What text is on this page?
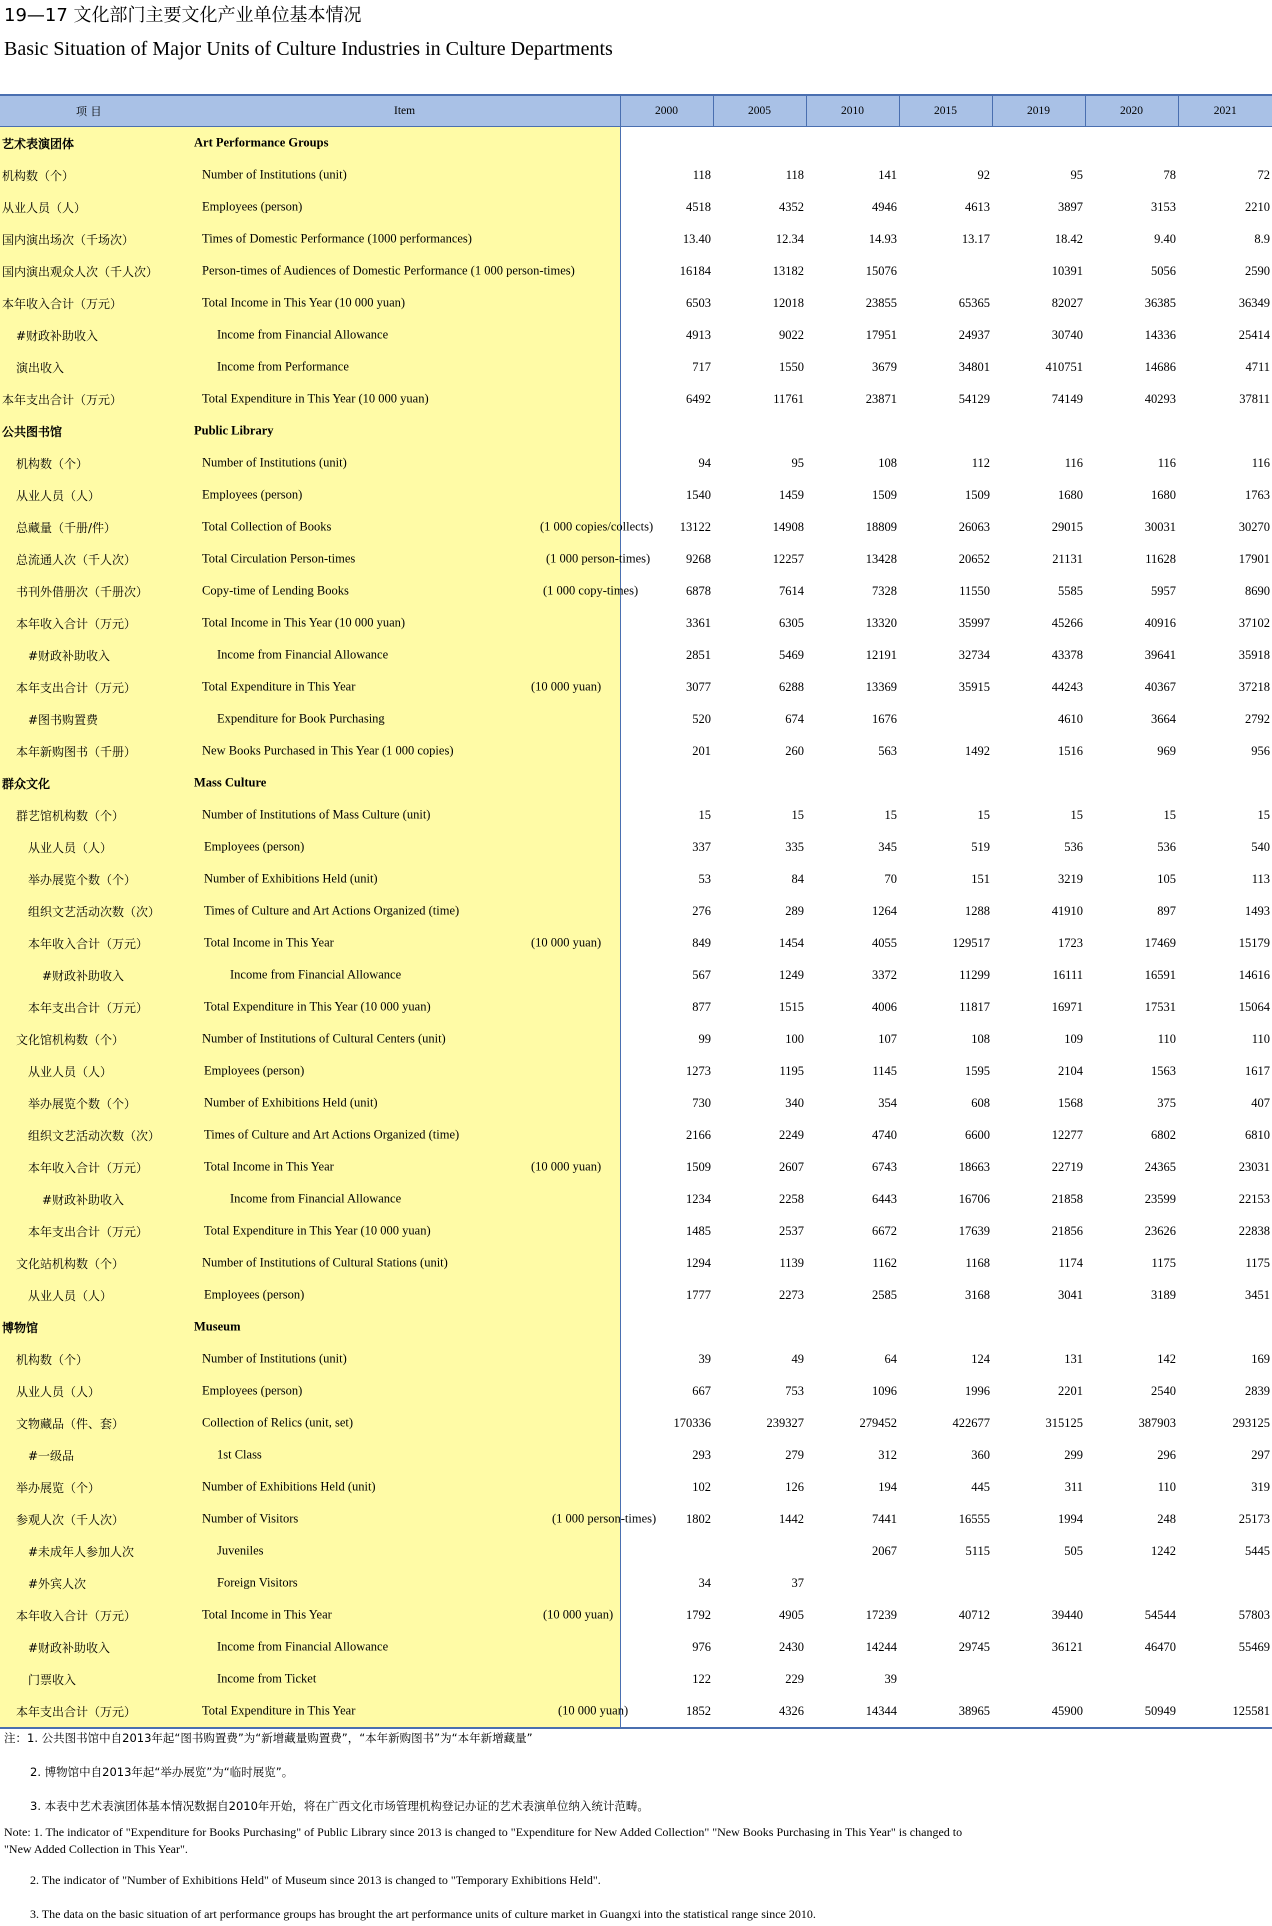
19—17 文化部门主要文化产业单位基本情况
Basic Situation of Major Units of Culture Industries in Culture Departments
项 目	Item	2000	2005	2010	2015	2019	2020	2021
艺术表演团体	Art Performance Groups							

机构数（个）	Number of Institutions (unit)	118	118	141	92	95	78	72
从业人员（人）	Employees (person)	4518	4352	4946	4613	3897	3153	2210
国内演出场次（千场次）	Times of Domestic Performance (1000 performances)	13.40	12.34	14.93	13.17	18.42	9.40	8.9
国内演出观众人次（千人次）	Person-times of Audiences of Domestic Performance (1 000 person-times)	16184	13182	15076		10391	5056	2590
本年收入合计（万元）	Total Income in This Year (10 000 yuan)	6503	12018	23855	65365	82027	36385	36349
#财政补助收入	Income from Financial Allowance	4913	9022	17951	24937	30740	14336	25414
演出收入	Income from Performance	717	1550	3679	34801	410751	14686	4711
本年支出合计（万元）	Total Expenditure in This Year (10 000 yuan)	6492	11761	23871	54129	74149	40293	37811
公共图书馆	Public Library							

机构数（个）	Number of Institutions (unit)	94	95	108	112	116	116	116
从业人员（人）	Employees (person)	1540	1459	1509	1509	1680	1680	1763
总藏量（千册/件）	Total Collection of Books (1 000 copies/collects)	13122	14908	18809	26063	29015	30031	30270
总流通人次（千人次）	Total Circulation Person-times (1 000 person-times)	9268	12257	13428	20652	21131	11628	17901
书刊外借册次（千册次）	Copy-time of Lending Books (1 000 copy-times)	6878	7614	7328	11550	5585	5957	8690
本年收入合计（万元）	Total Income in This Year (10 000 yuan)	3361	6305	13320	35997	45266	40916	37102
#财政补助收入	Income from Financial Allowance	2851	5469	12191	32734	43378	39641	35918
本年支出合计（万元）	Total Expenditure in This Year (10 000 yuan)	3077	6288	13369	35915	44243	40367	37218
#图书购置费	Expenditure for Book Purchasing	520	674	1676		4610	3664	2792
本年新购图书（千册）	New Books Purchased in This Year (1 000 copies)	201	260	563	1492	1516	969	956
群众文化	Mass Culture							

群艺馆机构数（个）	Number of Institutions of Mass Culture (unit)	15	15	15	15	15	15	15
从业人员（人）	Employees (person)	337	335	345	519	536	536	540
举办展览个数（个）	Number of Exhibitions Held (unit)	53	84	70	151	3219	105	113
组织文艺活动次数（次）	Times of Culture and Art Actions Organized (time)	276	289	1264	1288	41910	897	1493
本年收入合计（万元）	Total Income in This Year (10 000 yuan)	849	1454	4055	129517	1723	17469	15179
#财政补助收入	Income from Financial Allowance	567	1249	3372	11299	16111	16591	14616
本年支出合计（万元）	Total Expenditure in This Year (10 000 yuan)	877	1515	4006	11817	16971	17531	15064
文化馆机构数（个）	Number of Institutions of Cultural Centers (unit)	99	100	107	108	109	110	110
从业人员（人）	Employees (person)	1273	1195	1145	1595	2104	1563	1617
举办展览个数（个）	Number of Exhibitions Held (unit)	730	340	354	608	1568	375	407
组织文艺活动次数（次）	Times of Culture and Art Actions Organized (time)	2166	2249	4740	6600	12277	6802	6810
本年收入合计（万元）	Total Income in This Year (10 000 yuan)	1509	2607	6743	18663	22719	24365	23031
#财政补助收入	Income from Financial Allowance	1234	2258	6443	16706	21858	23599	22153
本年支出合计（万元）	Total Expenditure in This Year (10 000 yuan)	1485	2537	6672	17639	21856	23626	22838
文化站机构数（个）	Number of Institutions of Cultural Stations (unit)	1294	1139	1162	1168	1174	1175	1175
从业人员（人）	Employees (person)	1777	2273	2585	3168	3041	3189	3451
博物馆	Museum							

机构数（个）	Number of Institutions (unit)	39	49	64	124	131	142	169
从业人员（人）	Employees (person)	667	753	1096	1996	2201	2540	2839
文物藏品（件、套）	Collection of Relics (unit, set)	170336	239327	279452	422677	315125	387903	293125
#一级品	1st Class	293	279	312	360	299	296	297
举办展览（个）	Number of Exhibitions Held (unit)	102	126	194	445	311	110	319
参观人次（千人次）	Number of Visitors (1 000 person-times)	1802	1442	7441	16555	1994	248	25173
#未成年人参加人次	Juveniles			2067	5115	505	1242	5445
#外宾人次	Foreign Visitors	34	37					
本年收入合计（万元）	Total Income in This Year (10 000 yuan)	1792	4905	17239	40712	39440	54544	57803
#财政补助收入	Income from Financial Allowance	976	2430	14244	29745	36121	46470	55469
门票收入	Income from Ticket	122	229	39				
本年支出合计（万元）	Total Expenditure in This Year (10 000 yuan)	1852	4326	14344	38965	45900	50949	125581
注：1. 公共图书馆中自2013年起“图书购置费”为“新增藏量购置费”，“本年新购图书”为“本年新增藏量”
2. 博物馆中自2013年起“举办展览”为“临时展览”。
3. 本表中艺术表演团体基本情况数据自2010年开始，将在广西文化市场管理机构登记办证的艺术表演单位纳入统计范畴。
Note: 1. The indicator of "Expenditure for Books Purchasing" of Public Library since 2013 is changed to "Expenditure for New Added Collection" "New Books Purchasing in This Year" is changed to
"New Added Collection in This Year".
2. The indicator of "Number of Exhibitions Held" of Museum since 2013 is changed to "Temporary Exhibitions Held".
3. The data on the basic situation of art performance groups has brought the art performance units of culture market in Guangxi into the statistical range since 2010.
